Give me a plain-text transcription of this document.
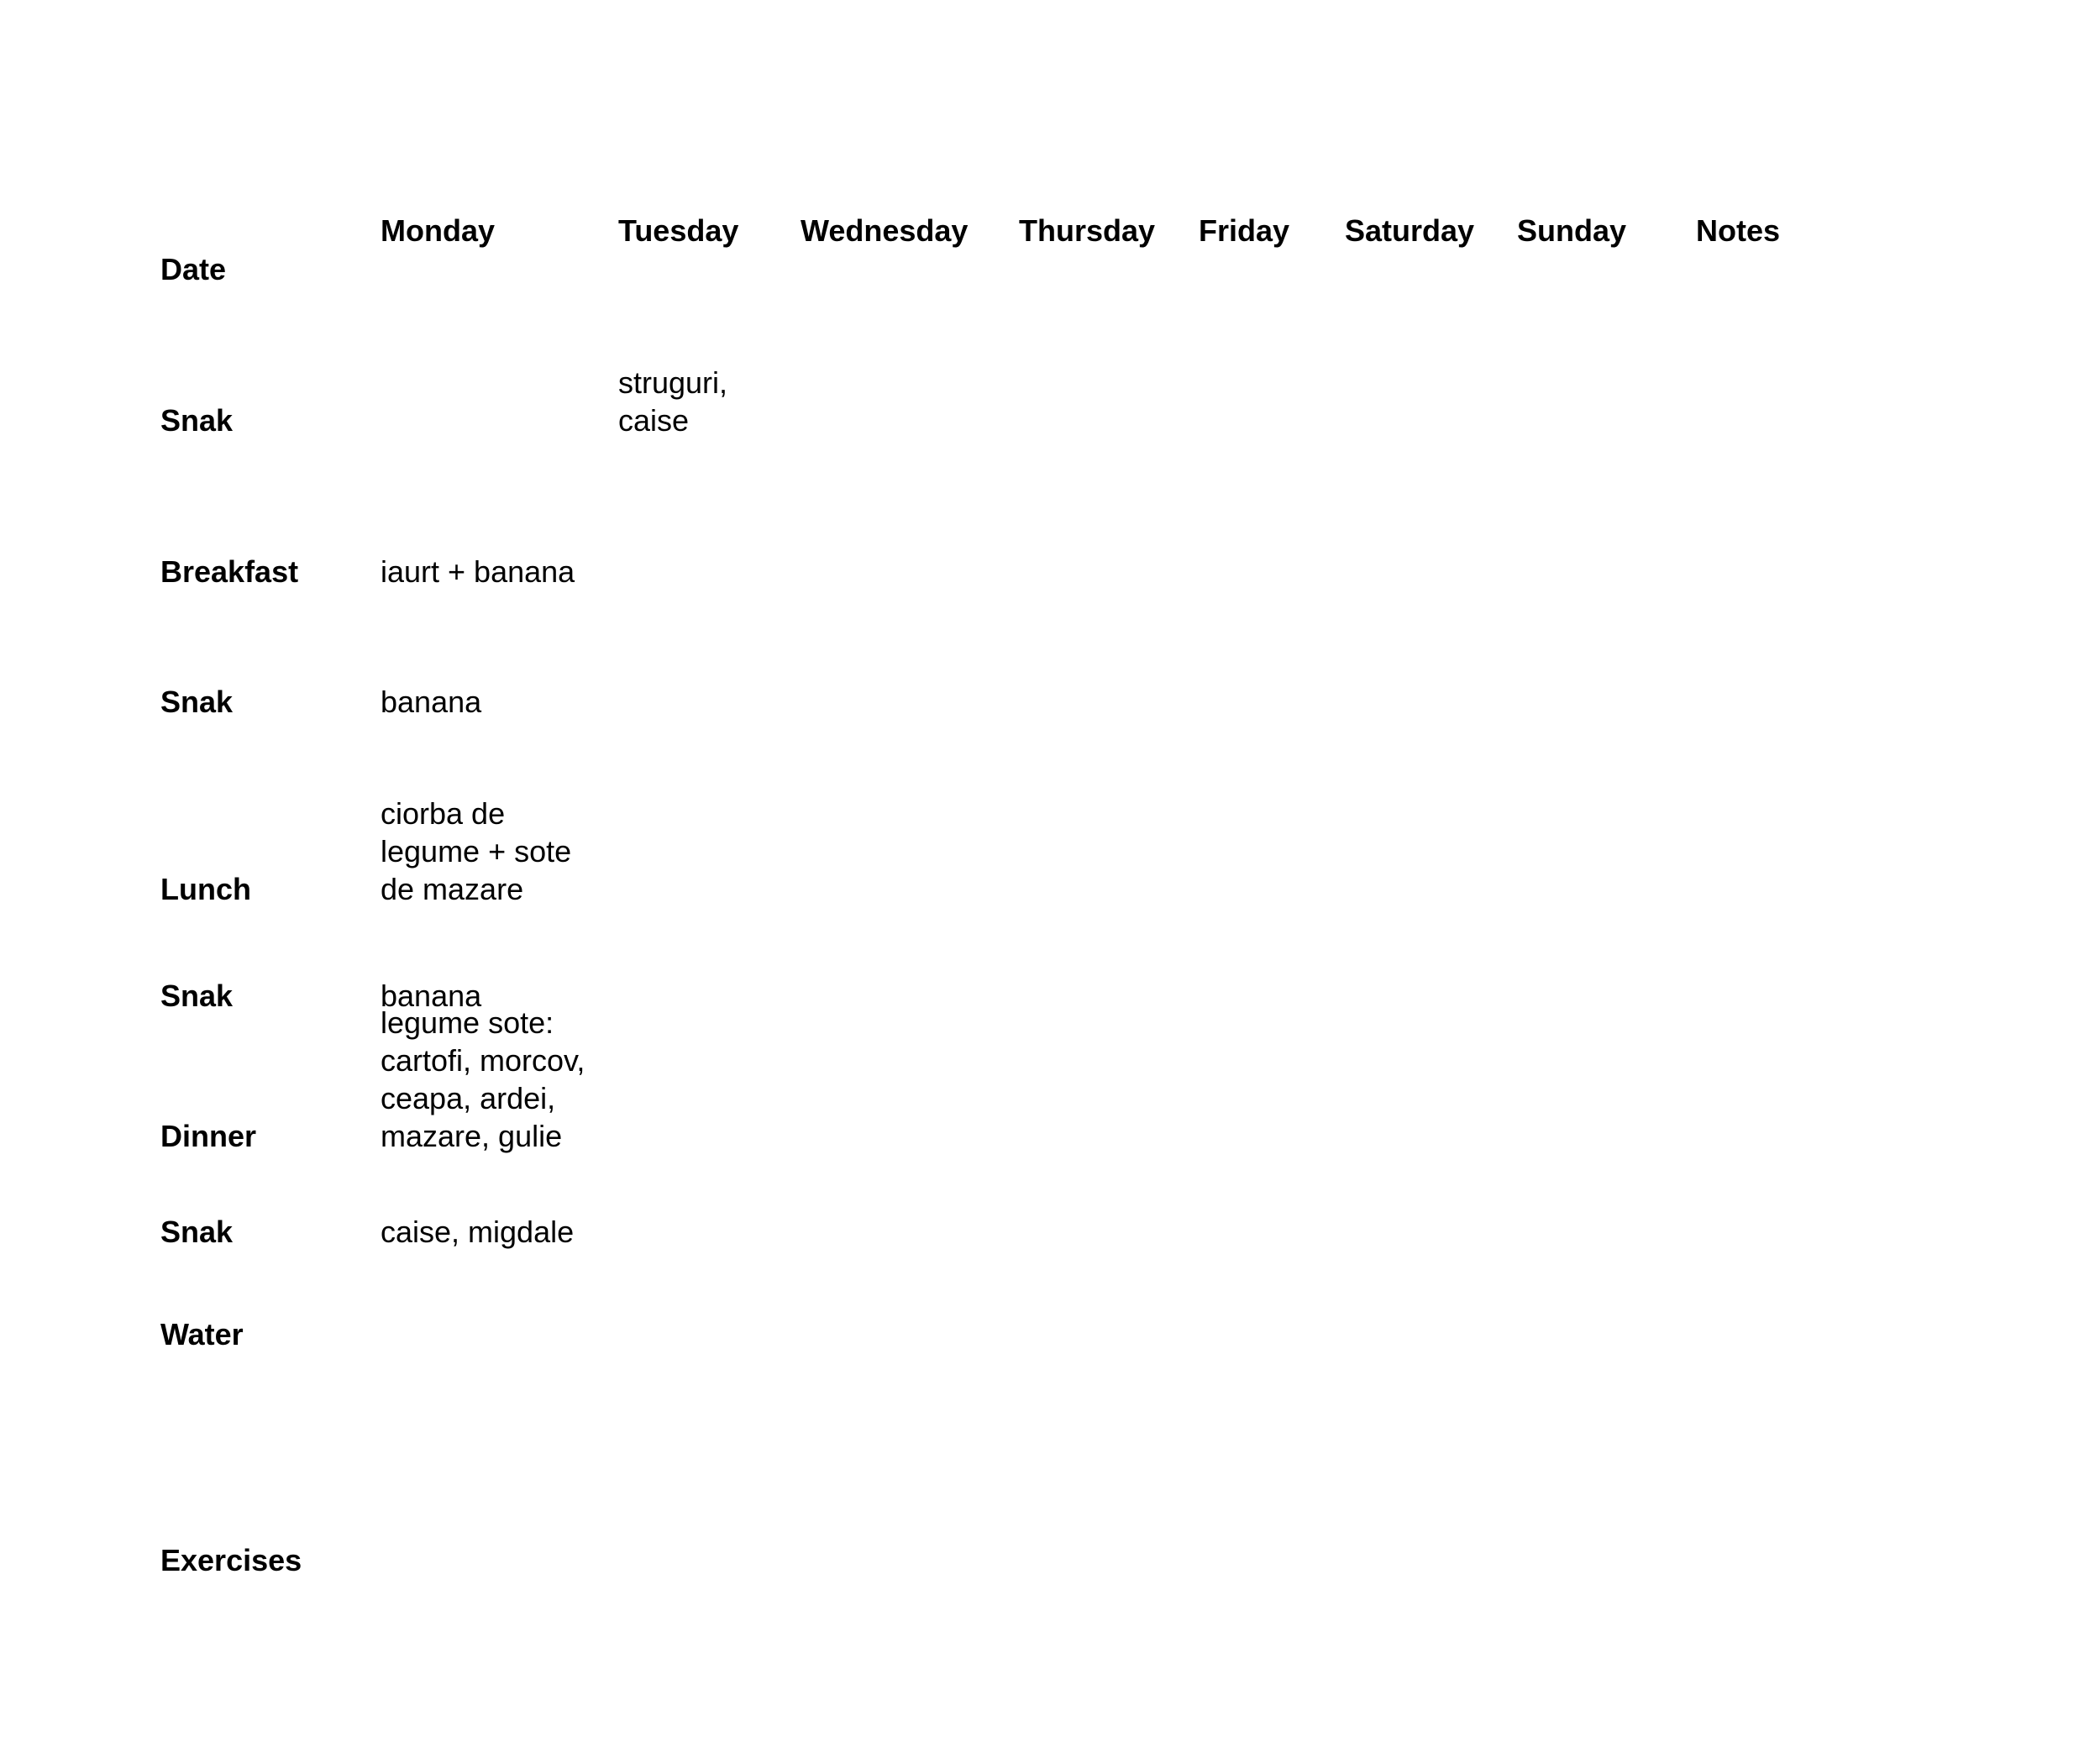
Monday	Tuesday Wednesday Thursday Friday Saturday Sunday Notes
Date
Snak
Breakfast
Snak
Lunch
Snak
Dinner
Snak
Water
Exercises
struguri,
caise
iaurt + banana
banana
ciorba de
legume + sote
de mazare
banana
legume sote:
cartofi, morcov,
ceapa, ardei,
mazare, gulie
caise, migdale
